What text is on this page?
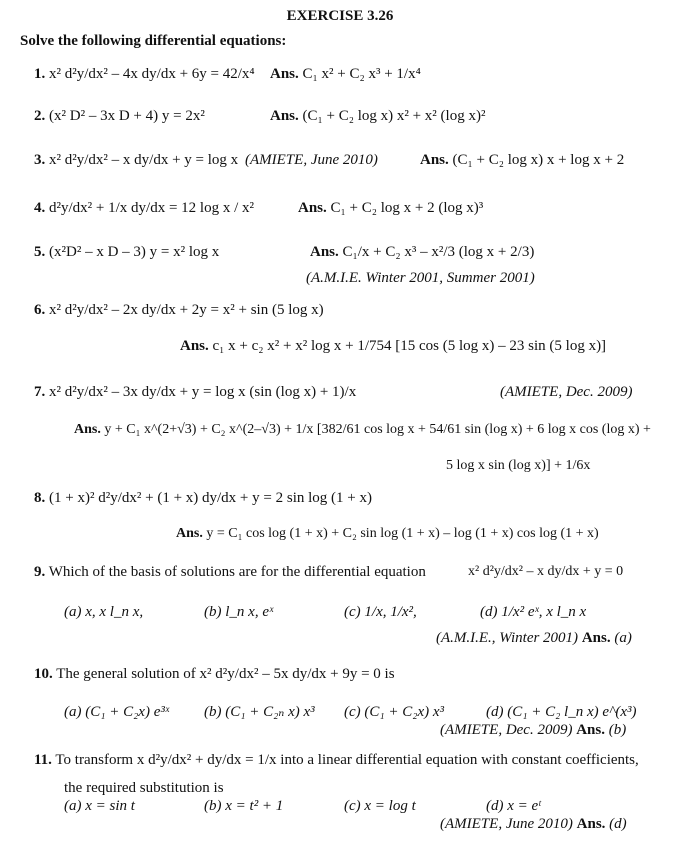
EXERCISE 3.26
Solve the following differential equations:
1. x² d²y/dx² – 4x dy/dx + 6y = 42/x⁴ Ans. C₁ x² + C₂ x³ + 1/x⁴
2. (x² D² – 3x D + 4) y = 2x²	Ans. (C₁ + C₂ log x) x² + x² (log x)²
3. x² d²y/dx² – x dy/dx + y = log x (AMIETE, June 2010)	Ans. (C₁ + C₂ log x) x + log x + 2
4. d²y/dx² + 1/x dy/dx = 12 log x / x²	Ans. C₁ + C₂ log x + 2 (log x)³
5. (x²D² – x D – 3) y = x² log x	Ans. C₁/x + C₂ x³ – x²/3 (log x + 2/3)
(A.M.I.E. Winter 2001, Summer 2001)
6. x² d²y/dx² – 2x dy/dx + 2y = x² + sin (5 log x)
Ans. c₁ x + c₂ x² + x² log x + 1/754 [15 cos (5 log x) – 23 sin (5 log x)]
7. x² d²y/dx² – 3x dy/dx + y = log x (sin (log x) + 1)/x	(AMIETE, Dec. 2009)
Ans. y + C₁ x^(2+√3) + C₂ x^(2–√3) + 1/x [382/61 cos log x + 54/61 sin (log x) + 6 log x cos (log x) +
5 log x sin (log x)] + 1/6x
8. (1 + x)² d²y/dx² + (1 + x) dy/dx + y = 2 sin log (1 + x)
Ans. y = C₁ cos log (1 + x) + C₂ sin log (1 + x) – log (1 + x) cos log (1 + x)
9. Which of the basis of solutions are for the differential equation	x² d²y/dx² – x dy/dx + y = 0
(a) x, x l_n x,	(b) l_n x, eˣ	(c) 1/x, 1/x²,	(d) 1/x² eˣ, x l_n x
(A.M.I.E., Winter 2001) Ans. (a)
10. The general solution of x² d²y/dx² – 5x dy/dx + 9y = 0 is
(a) (C₁ + C₂x) e³ˣ (b) (C₁ + C₂ₙ x) x³ (c) (C₁ + C₂x) x³	(d) (C₁ + C₂ l_n x) e^(x³)
(AMIETE, Dec. 2009) Ans. (b)
11. To transform x d²y/dx² + dy/dx = 1/x into a linear differential equation with constant coefficients,
the required substitution is
(a) x = sin t	(b) x = t² + 1	(c) x = log t	(d) x = eᵗ
(AMIETE, June 2010) Ans. (d)
